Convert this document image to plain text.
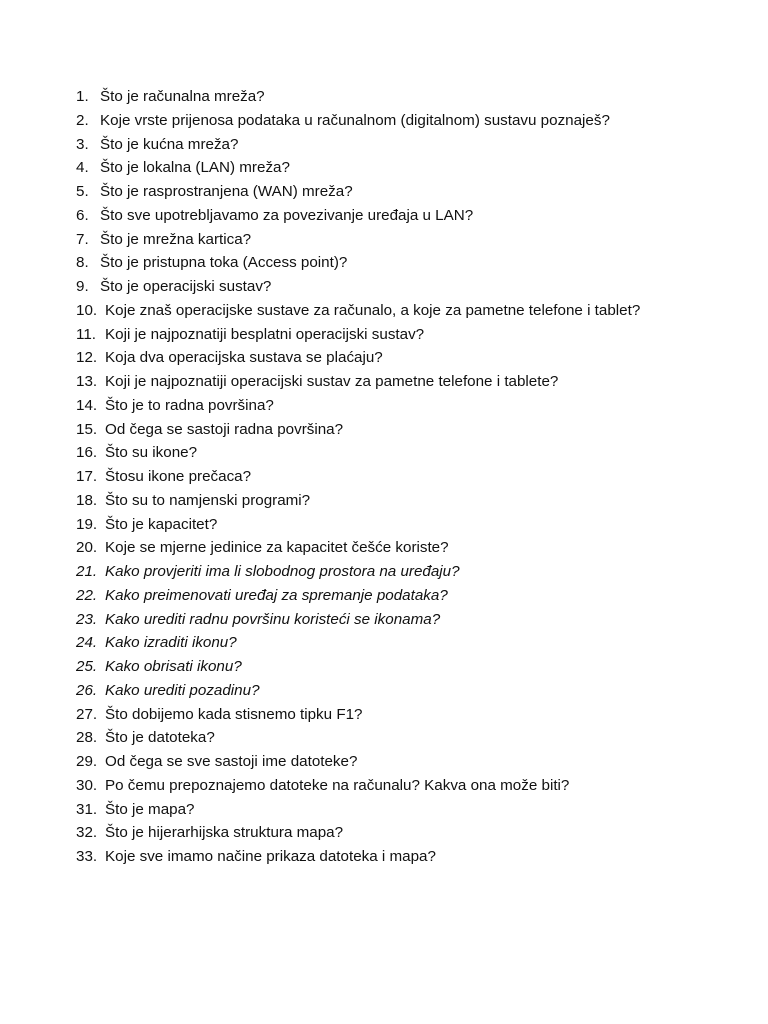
1. Što je računalna mreža?
2. Koje vrste prijenosa podataka u računalnom (digitalnom) sustavu poznaješ?
3. Što je kućna mreža?
4. Što je lokalna (LAN) mreža?
5. Što je rasprostranjena (WAN) mreža?
6. Što sve upotrebljavamo za povezivanje uređaja u LAN?
7. Što je mrežna kartica?
8. Što je pristupna toka (Access point)?
9. Što je operacijski sustav?
10. Koje znaš operacijske sustave za računalo, a koje za pametne telefone i tablet?
11. Koji je najpoznatiji besplatni operacijski sustav?
12. Koja dva operacijska sustava se plaćaju?
13. Koji je najpoznatiji operacijski sustav za pametne telefone i tablete?
14. Što je to radna površina?
15. Od čega se sastoji radna površina?
16. Što su ikone?
17. Štosu ikone prečaca?
18. Što su to namjenski programi?
19. Što je kapacitet?
20. Koje se mjerne jedinice za kapacitet češće koriste?
21. Kako provjeriti ima li slobodnog prostora na uređaju?
22. Kako preimenovati uređaj za spremanje podataka?
23. Kako urediti radnu površinu koristeći se ikonama?
24. Kako izraditi ikonu?
25. Kako obrisati ikonu?
26. Kako urediti pozadinu?
27. Što dobijemo kada stisnemo tipku F1?
28. Što je datoteka?
29. Od čega se sve sastoji ime datoteke?
30. Po čemu prepoznajemo datoteke na računalu? Kakva ona može biti?
31. Što je mapa?
32. Što je hijerarhijska struktura mapa?
33. Koje sve imamo načine prikaza datoteka i mapa?
